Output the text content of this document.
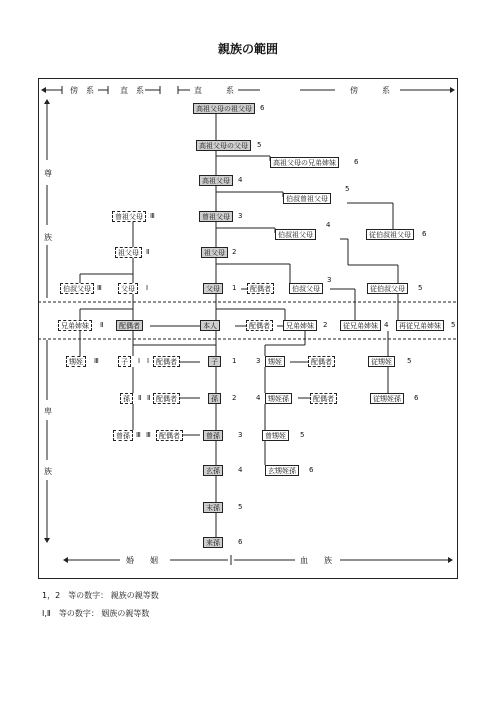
親族の範囲
傍　系	直　系	直　　　系	傍　　　系
尊
族
卑
族
高祖父母の祖父母	6
高祖父母の父母	5
高祖父母の兄弟姉妹	6
高祖父母	4
5
伯叔曾祖父母
曾祖父母	Ⅲ	曾祖父母	3
4
伯叔祖父母	従伯叔祖父母	6
祖父母	Ⅱ	祖父母	2
3
伯叔父母 Ⅲ	父母	Ⅰ	父母	1	配偶者	伯叔父母	従伯叔父母	5
兄弟姉妹	Ⅱ	配偶者	本人	配偶者	兄弟姉妹	2	従兄弟姉妹 4	再従兄弟姉妹	5
甥姪	Ⅲ	子	Ⅰ Ⅰ 配偶者	子	1	3	甥姪	配偶者	従甥姪	5
孫	Ⅱ Ⅱ 配偶者	孫	2	4	甥姪孫	配偶者	従甥姪孫	6
曾孫 Ⅲ Ⅲ	配偶者	曾孫	3	曾甥姪	5
玄孫	4	玄甥姪孫	6
末孫	5
来孫	6
婚　　姻	血　　族
1，2　等の数字： 親族の親等数
Ⅰ,Ⅱ　等の数字： 姻族の親等数
